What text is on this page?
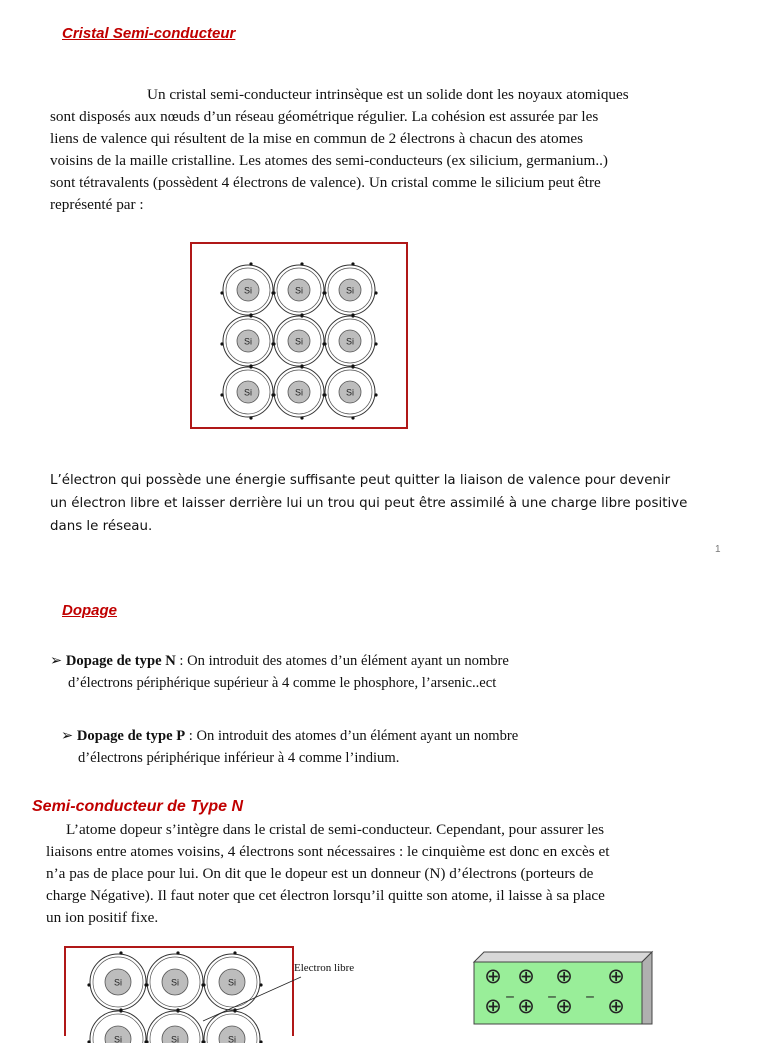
Cristal Semi-conducteur
Un cristal semi-conducteur intrinsèque est un solide dont les noyaux atomiques
sont disposés aux nœuds d’un réseau géométrique régulier. La cohésion est assurée par les
liens de valence qui résultent de la mise en commun de 2 électrons à chacun des atomes
voisins de la maille cristalline. Les atomes des semi-conducteurs (ex silicium, germanium..)
sont tétravalents (possèdent 4 électrons de valence). Un cristal comme le silicium peut être
représenté par :
Si	Si	Si
Si	Si	Si
Si	Si	Si
L’électron qui possède une énergie suffisante peut quitter la liaison de valence pour devenir
un électron libre et laisser derrière lui un trou qui peut être assimilé à une charge libre positive
dans le réseau.
1
Dopage
➢ Dopage de type N : On introduit des atomes d’un élément ayant un nombre
d’électrons périphérique supérieur à 4 comme le phosphore, l’arsenic..ect
➢ Dopage de type P : On introduit des atomes d’un élément ayant un nombre
d’électrons périphérique inférieur à 4 comme l’indium.
Semi-conducteur de Type N
L’atome dopeur s’intègre dans le cristal de semi-conducteur. Cependant, pour assurer les
liaisons entre atomes voisins, 4 électrons sont nécessaires : le cinquième est donc en excès et
n’a pas de place pour lui. On dit que le dopeur est un donneur (N) d’électrons (porteurs de
charge Négative). Il faut noter que cet électron lorsqu’il quitte son atome, il laisse à sa place
un ion positif fixe.
Si	Si	Si
Si	Si	Si
Electron libre	⊕ ⊕ ⊕ ⊕
⊕ ⊕ ⊕ ⊕
_ _ _
